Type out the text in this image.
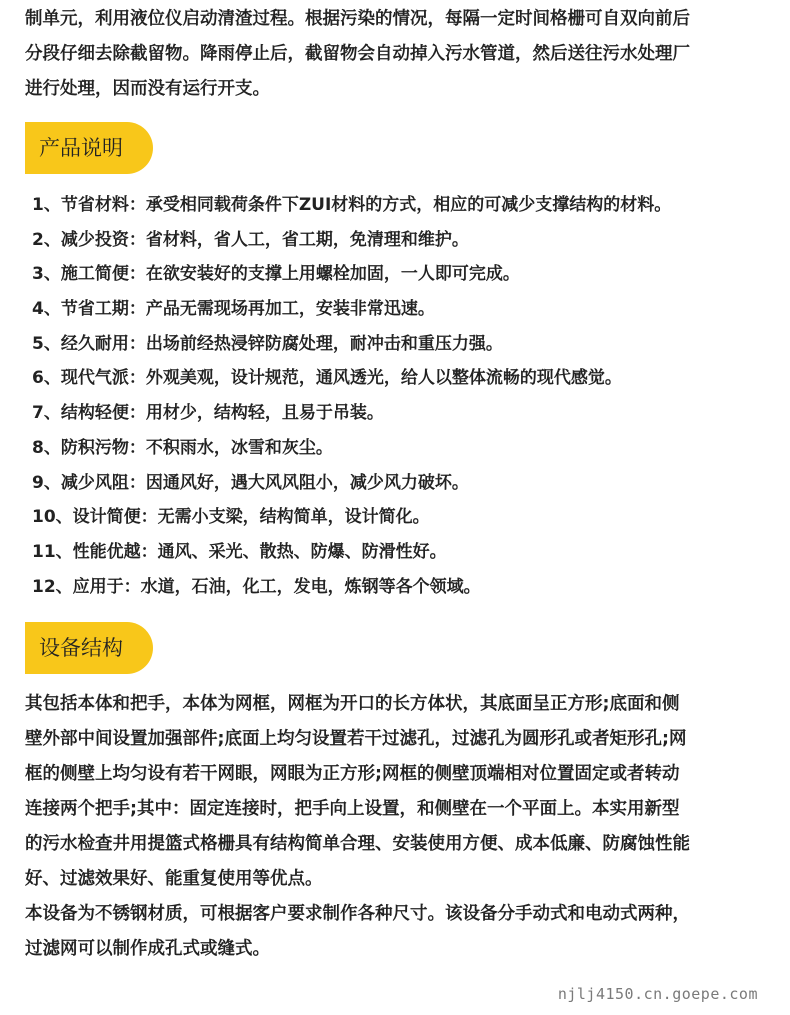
制单元，利用液位仪启动清渣过程。根据污染的情况，每隔一定时间格栅可自双向前后
分段仔细去除截留物。降雨停止后，截留物会自动掉入污水管道，然后送往污水处理厂
进行处理，因而没有运行开支。
产品说明
1、节省材料：承受相同载荷条件下ZUI材料的方式，相应的可减少支撑结构的材料。
2、减少投资：省材料，省人工，省工期，免清理和维护。
3、施工简便：在欲安装好的支撑上用螺栓加固，一人即可完成。
4、节省工期：产品无需现场再加工，安装非常迅速。
5、经久耐用：出场前经热浸锌防腐处理，耐冲击和重压力强。
6、现代气派：外观美观，设计规范，通风透光，给人以整体流畅的现代感觉。
7、结构轻便：用材少，结构轻，且易于吊装。
8、防积污物：不积雨水，冰雪和灰尘。
9、减少风阻：因通风好，遇大风风阻小，减少风力破坏。
10、设计简便：无需小支梁，结构简单，设计简化。
11、性能优越：通风、采光、散热、防爆、防滑性好。
12、应用于：水道，石油，化工，发电，炼钢等各个领域。
设备结构
其包括本体和把手，本体为网框，网框为开口的长方体状，其底面呈正方形;底面和侧
壁外部中间设置加强部件;底面上均匀设置若干过滤孔，过滤孔为圆形孔或者矩形孔;网
框的侧壁上均匀设有若干网眼，网眼为正方形;网框的侧壁顶端相对位置固定或者转动
连接两个把手;其中：固定连接时，把手向上设置，和侧壁在一个平面上。本实用新型
的污水检查井用提篮式格栅具有结构简单合理、安装使用方便、成本低廉、防腐蚀性能
好、过滤效果好、能重复使用等优点。
本设备为不锈钢材质，可根据客户要求制作各种尺寸。该设备分手动式和电动式两种，
过滤网可以制作成孔式或缝式。
njlj4150.cn.goepe.com
